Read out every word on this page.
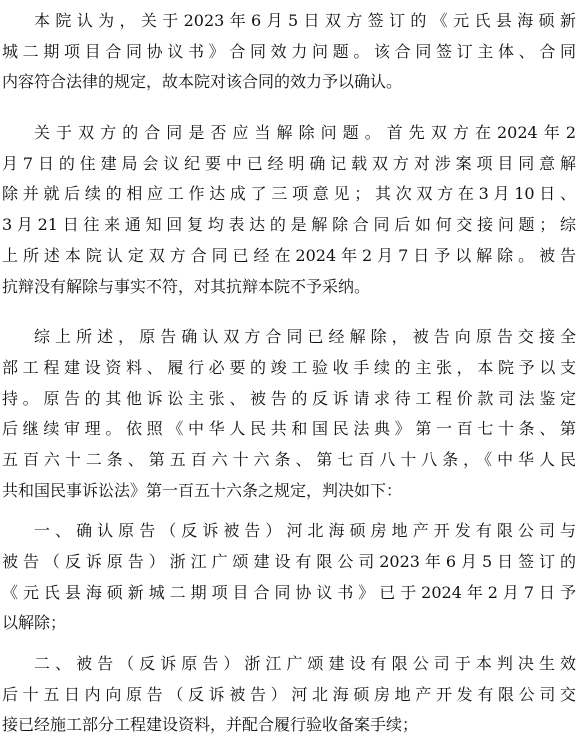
本院认为，关于2023年6月5日双方签订的《元氏县海硕新
城二期项目合同协议书》合同效力问题。该合同签订主体、合同
内容符合法律的规定，故本院对该合同的效力予以确认。
关于双方的合同是否应当解除问题。首先双方在2024年2
月7日的住建局会议纪要中已经明确记载双方对涉案项目同意解
除并就后续的相应工作达成了三项意见；其次双方在3月10日、
3月21日往来通知回复均表达的是解除合同后如何交接问题；综
上所述本院认定双方合同已经在2024年2月7日予以解除。被告
抗辩没有解除与事实不符，对其抗辩本院不予采纳。
综上所述，原告确认双方合同已经解除，被告向原告交接全
部工程建设资料、履行必要的竣工验收手续的主张，本院予以支
持。原告的其他诉讼主张、被告的反诉请求待工程价款司法鉴定
后继续审理。依照《中华人民共和国民法典》第一百七十条、第
五百六十二条、第五百六十六条、第七百八十八条，《中华人民
共和国民事诉讼法》第一百五十六条之规定，判决如下：
一、确认原告（反诉被告）河北海硕房地产开发有限公司与
被告（反诉原告）浙江广颂建设有限公司2023年6月5日签订的
《元氏县海硕新城二期项目合同协议书》已于2024年2月7日予
以解除；
二、被告（反诉原告）浙江广颂建设有限公司于本判决生效
后十五日内向原告（反诉被告）河北海硕房地产开发有限公司交
接已经施工部分工程建设资料，并配合履行验收备案手续；
